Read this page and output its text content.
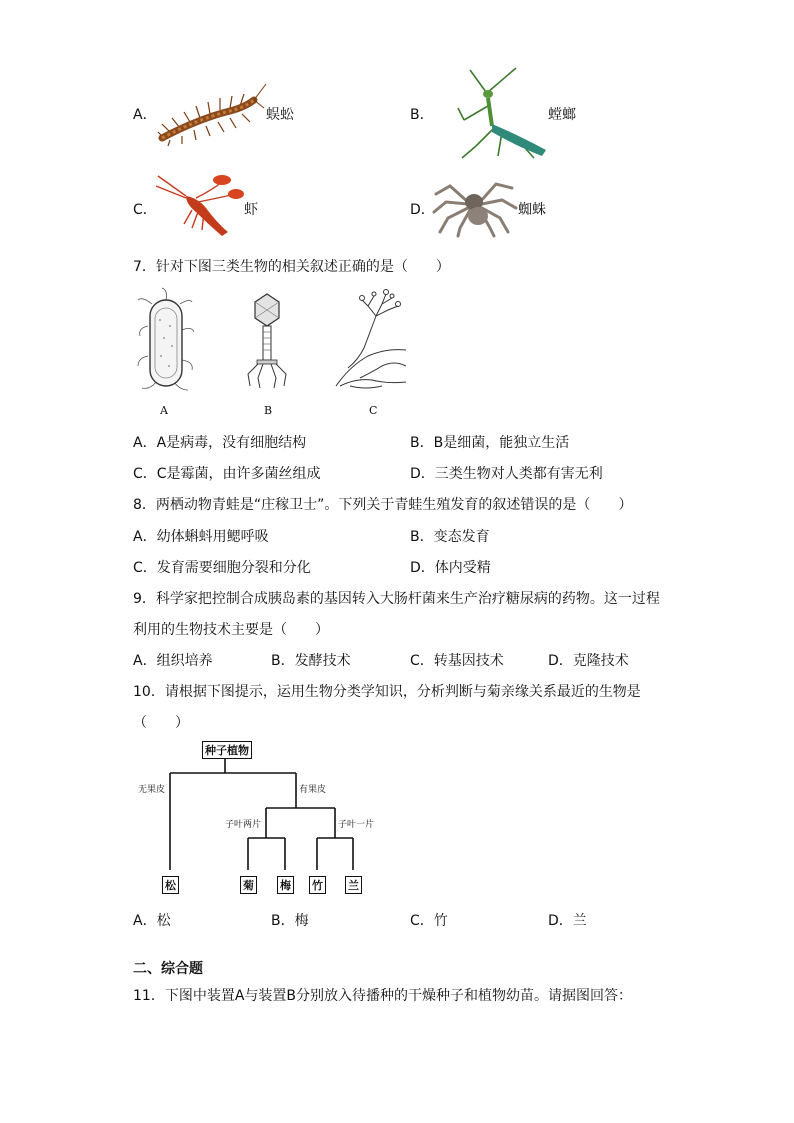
A．	蜈蚣	B．	螳螂
C．	虾	D．	蜘蛛
7．针对下图三类生物的相关叙述正确的是（　　）
A	B	C
A．A是病毒，没有细胞结构	B．B是细菌，能独立生活
C．C是霉菌，由许多菌丝组成	D．三类生物对人类都有害无利
8．两栖动物青蛙是“庄稼卫士”。下列关于青蛙生殖发育的叙述错误的是（　　）
A．幼体蝌蚪用鳃呼吸	B．变态发育
C．发育需要细胞分裂和分化	D．体内受精
9．科学家把控制合成胰岛素的基因转入大肠杆菌来生产治疗糖尿病的药物。这一过程
利用的生物技术主要是（　　）
A．组织培养	B．发酵技术	C．转基因技术	D．克隆技术
10．请根据下图提示，运用生物分类学知识，分析判断与菊亲缘关系最近的生物是
（　　）
种子植物
无果皮	有果皮
子叶两片	子叶一片
松	菊 梅 竹 兰
A．松	B．梅	C．竹	D．兰
二、综合题
11．下图中装置A与装置B分别放入待播种的干燥种子和植物幼苗。请据图回答：
